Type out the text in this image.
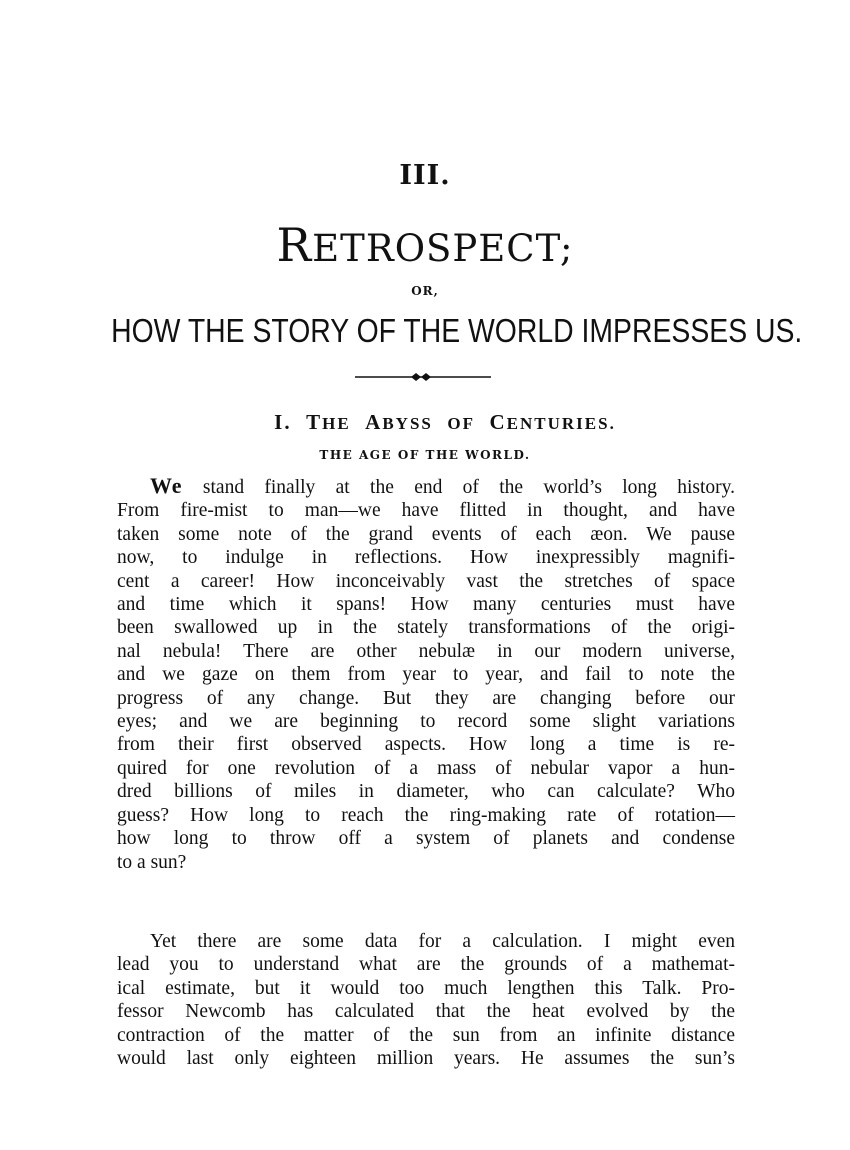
III.
RETROSPECT;
OR,
HOW THE STORY OF THE WORLD IMPRESSES US.
I. THE ABYSS OF CENTURIES.
THE AGE OF THE WORLD.
We stand finally at the end of the world’s long history.
From fire-mist to man—we have flitted in thought, and have
taken some note of the grand events of each æon. We pause
now, to indulge in reflections. How inexpressibly magnifi-
cent a career! How inconceivably vast the stretches of space
and time which it spans! How many centuries must have
been swallowed up in the stately transformations of the origi-
nal nebula! There are other nebulæ in our modern universe,
and we gaze on them from year to year, and fail to note the
progress of any change. But they are changing before our
eyes; and we are beginning to record some slight variations
from their first observed aspects. How long a time is re-
quired for one revolution of a mass of nebular vapor a hun-
dred billions of miles in diameter, who can calculate? Who
guess? How long to reach the ring-making rate of rotation—
how long to throw off a system of planets and condense
to a sun?
Yet there are some data for a calculation. I might even
lead you to understand what are the grounds of a mathemat-
ical estimate, but it would too much lengthen this Talk. Pro-
fessor Newcomb has calculated that the heat evolved by the
contraction of the matter of the sun from an infinite distance
would last only eighteen million years. He assumes the sun’s
